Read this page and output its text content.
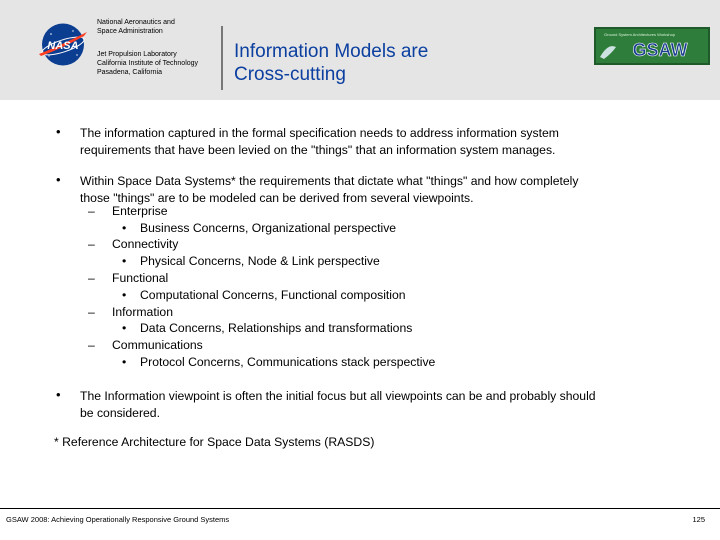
NASA
National Aeronautics and
Space Administration
Jet Propulsion Laboratory
California Institute of Technology
Pasadena, California
Information Models are
Cross-cutting
Ground System Architectures Workshop
GSAW
• The information captured in the formal specification needs to address information system
requirements that have been levied on the "things" that an information system manages.
• Within Space Data Systems* the requirements that dictate what "things" and how completely
those "things" are to be modeled can be derived from several viewpoints.
– Enterprise
• Business Concerns, Organizational perspective
– Connectivity
• Physical Concerns, Node & Link perspective
– Functional
• Computational Concerns, Functional composition
– Information
• Data Concerns, Relationships and transformations
– Communications
• Protocol Concerns, Communications stack perspective
• The Information viewpoint is often the initial focus but all viewpoints can be and probably should
be considered.
* Reference Architecture for Space Data Systems (RASDS)
GSAW 2008: Achieving Operationally Responsive Ground Systems	125
